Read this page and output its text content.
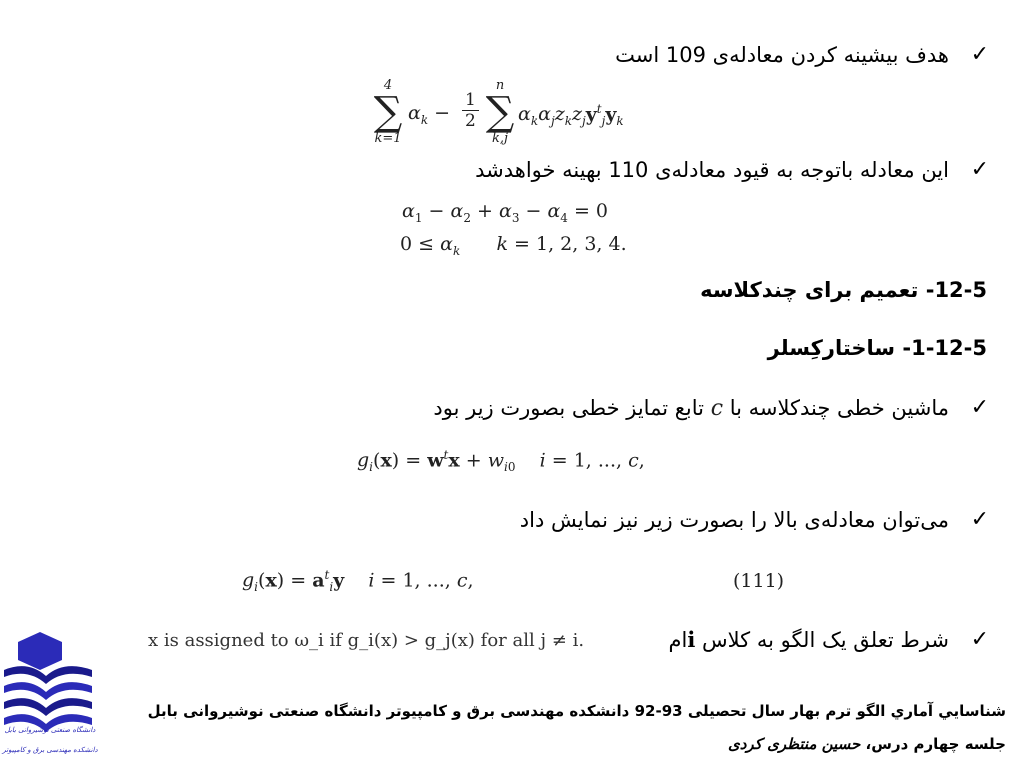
✓
هدف بیشینه کردن معادله‌ی 109 است
4
∑
k=1
$\alpha_k - \frac{1}{2}$
n
∑
k,j
$\alpha_k\alpha_jz_kz_jy^t_jy_k$
✓
این معادله باتوجه به قیود معادله‌ی 110 بهینه خواهدشد
$\alpha_1 - \alpha_2 + \alpha_3 - \alpha_4 = 0$
$0 \le \alpha_k$ k = 1, 2, 3, 4.
12-5- تعمیم برای چندکلاسه
1-12-5- ساختارکِسلر
✓
ماشین خطی چندکلاسه با c تابع تمایز خطی بصورت زیر بود
$g_i(x) = w^tx + w_{i0}$ i = 1, ..., c,
✓
می‌توان معادله‌ی بالا را بصورت زیر نیز نمایش داد
$g_i(x) = a^t_iy$ i = 1, ..., c,	(111)
✓
شرط تعلق یک الگو به کلاس iام
x is assigned to ω_i if g_i(x) > g_j(x) for all j ≠ i.
دانشگاه صنعتی نوشیروانی بابل
دانشکده مهندسی برق و کامپیوتر
شناسايي آماري الگو ترم بهار سال تحصیلی 93-92 دانشکده مهندسی برق و کامپیوتر دانشگاه صنعتی نوشیروانی بابل
جلسه چهارم درس، حسین منتظری کردی
